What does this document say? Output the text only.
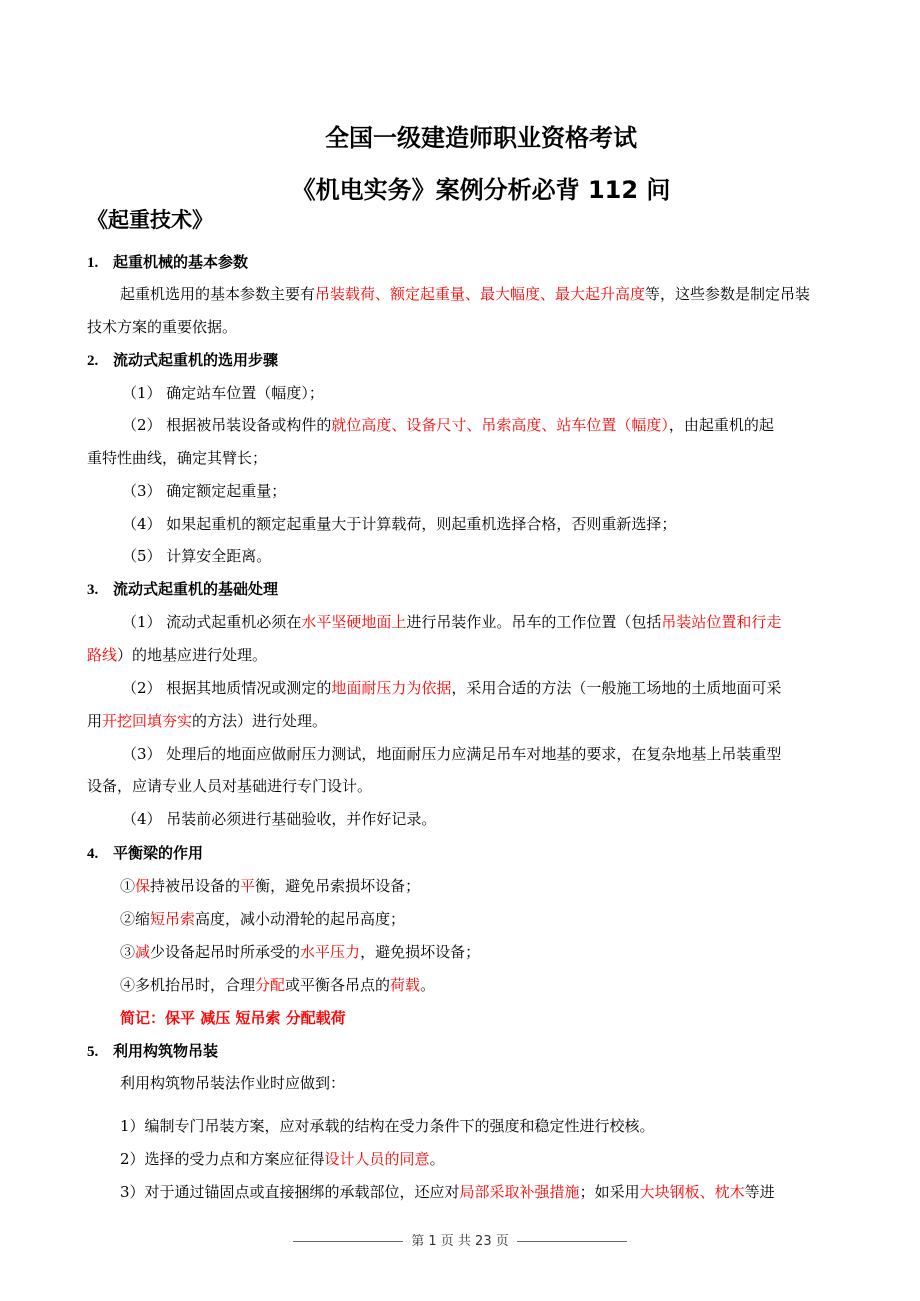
全国一级建造师职业资格考试
《机电实务》案例分析必背 112 问
《起重技术》
1. 起重机械的基本参数
起重机选用的基本参数主要有吊装载荷、额定起重量、最大幅度、最大起升高度等，这些参数是制定吊装
技术方案的重要依据。
2. 流动式起重机的选用步骤
（1） 确定站车位置（幅度）；
（2） 根据被吊装设备或构件的就位高度、设备尺寸、吊索高度、站车位置（幅度），由起重机的起
重特性曲线，确定其臂长；
（3） 确定额定起重量；
（4） 如果起重机的额定起重量大于计算载荷，则起重机选择合格，否则重新选择；
（5） 计算安全距离。
3. 流动式起重机的基础处理
（1） 流动式起重机必须在水平坚硬地面上进行吊装作业。吊车的工作位置（包括吊装站位置和行走
路线）的地基应进行处理。
（2） 根据其地质情况或测定的地面耐压力为依据，采用合适的方法（一般施工场地的土质地面可采
用开挖回填夯实的方法）进行处理。
（3） 处理后的地面应做耐压力测试，地面耐压力应满足吊车对地基的要求，在复杂地基上吊装重型
设备，应请专业人员对基础进行专门设计。
（4） 吊装前必须进行基础验收，并作好记录。
4. 平衡梁的作用
①保持被吊设备的平衡，避免吊索损坏设备；
②缩短吊索高度，减小动滑轮的起吊高度；
③减少设备起吊时所承受的水平压力，避免损坏设备；
④多机抬吊时，合理分配或平衡各吊点的荷载。
简记：保平 减压 短吊索 分配载荷
5. 利用构筑物吊装
利用构筑物吊装法作业时应做到：
1）编制专门吊装方案，应对承载的结构在受力条件下的强度和稳定性进行校核。
2）选择的受力点和方案应征得设计人员的同意。
3）对于通过锚固点或直接捆绑的承载部位，还应对局部采取补强措施；如采用大块钢板、枕木等进
第 1 页 共 23 页
